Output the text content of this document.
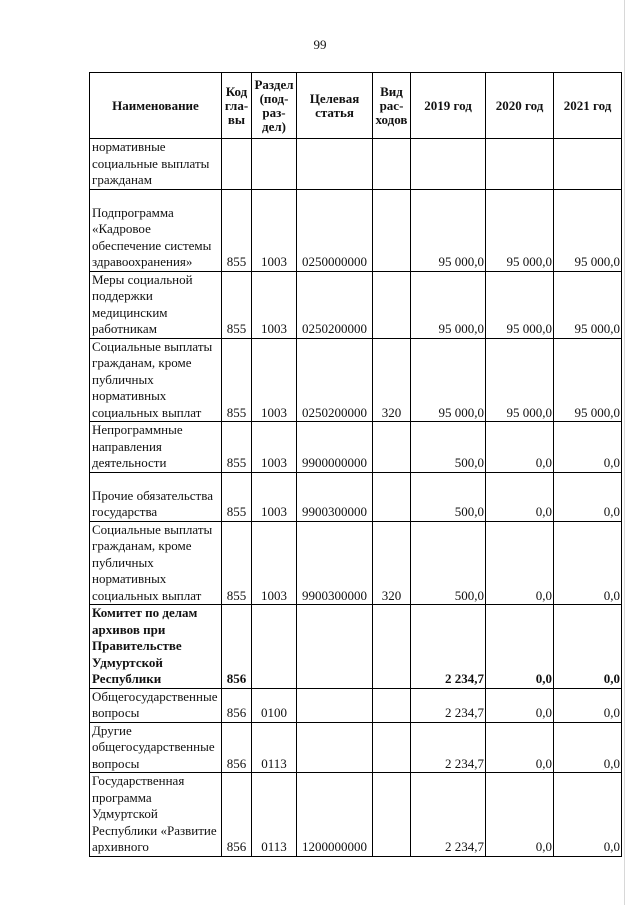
99
Наименование	Код гла-вы	Раздел (под-раз-дел)	Целевая статья	Вид рас-ходов	2019 год	2020 год	2021 год
нормативные социальные выплаты гражданам							
Подпрограмма «Кадровое обеспечение системы здравоохранения»	855	1003	0250000000		95 000,0	95 000,0	95 000,0
Меры социальной поддержки медицинским работникам	855	1003	0250200000		95 000,0	95 000,0	95 000,0
Социальные выплаты гражданам, кроме публичных нормативных социальных выплат	855	1003	0250200000	320	95 000,0	95 000,0	95 000,0
Непрограммные направления деятельности	855	1003	9900000000		500,0	0,0	0,0
Прочие обязательства государства	855	1003	9900300000		500,0	0,0	0,0
Социальные выплаты гражданам, кроме публичных нормативных социальных выплат	855	1003	9900300000	320	500,0	0,0	0,0
Комитет по делам архивов при Правительстве Удмуртской Республики	856				2 234,7	0,0	0,0
Общегосударственные вопросы	856	0100			2 234,7	0,0	0,0
Другие общегосударственные вопросы	856	0113			2 234,7	0,0	0,0
Государственная программа Удмуртской Республики «Развитие архивного	856	0113	1200000000		2 234,7	0,0	0,0
